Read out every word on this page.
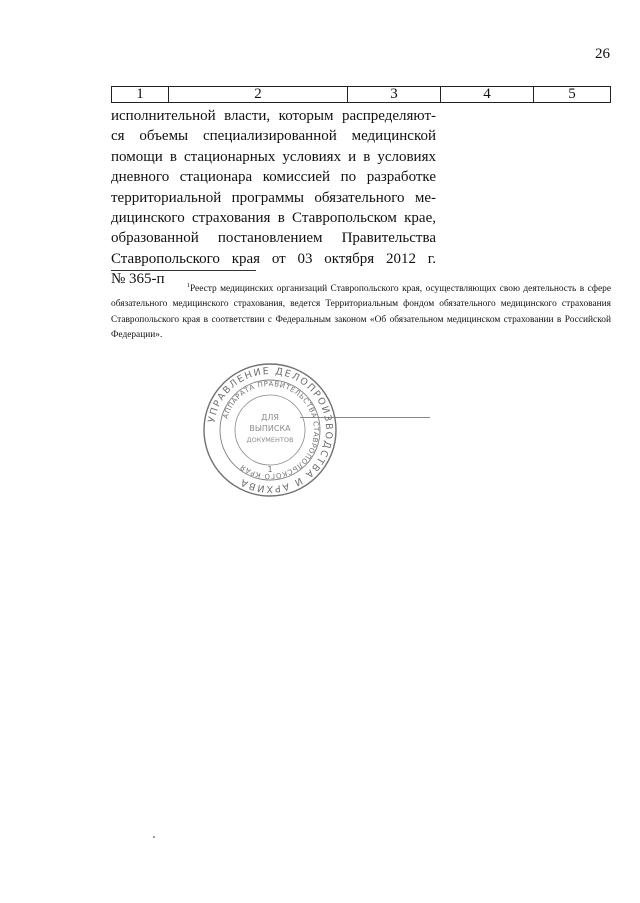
26
1	2	3	4	5
исполнительной власти, которым распределяют-
ся объемы специализированной медицинской
помощи в стационарных условиях и в условиях
дневного стационара комиссией по разработке
территориальной программы обязательного ме-
дицинского страхования в Ставропольском крае,
образованной постановлением Правительства
Ставропольского края от 03 октября 2012 г.
№ 365-п	$^1$Реестр медицинских организаций Ставропольского края, осуществляющих свою деятельность в сфере обязательного медицинского страхования, ведется Территориальным фондом обязательного медицинского страхования Ставропольского края в соответствии с Федеральным законом «Об обязательном медицинском страховании в Российской Федерации».
УПРАВЛЕНИЕ ДЕЛОПРОИЗВОДСТВА И АРХИВА
АППАРАТА ПРАВИТЕЛЬСТВА СТАВРОПОЛЬСКОГО КРАЯ
ДЛЯ
ВЫПИСКА
ДОКУМЕНТОВ
1
